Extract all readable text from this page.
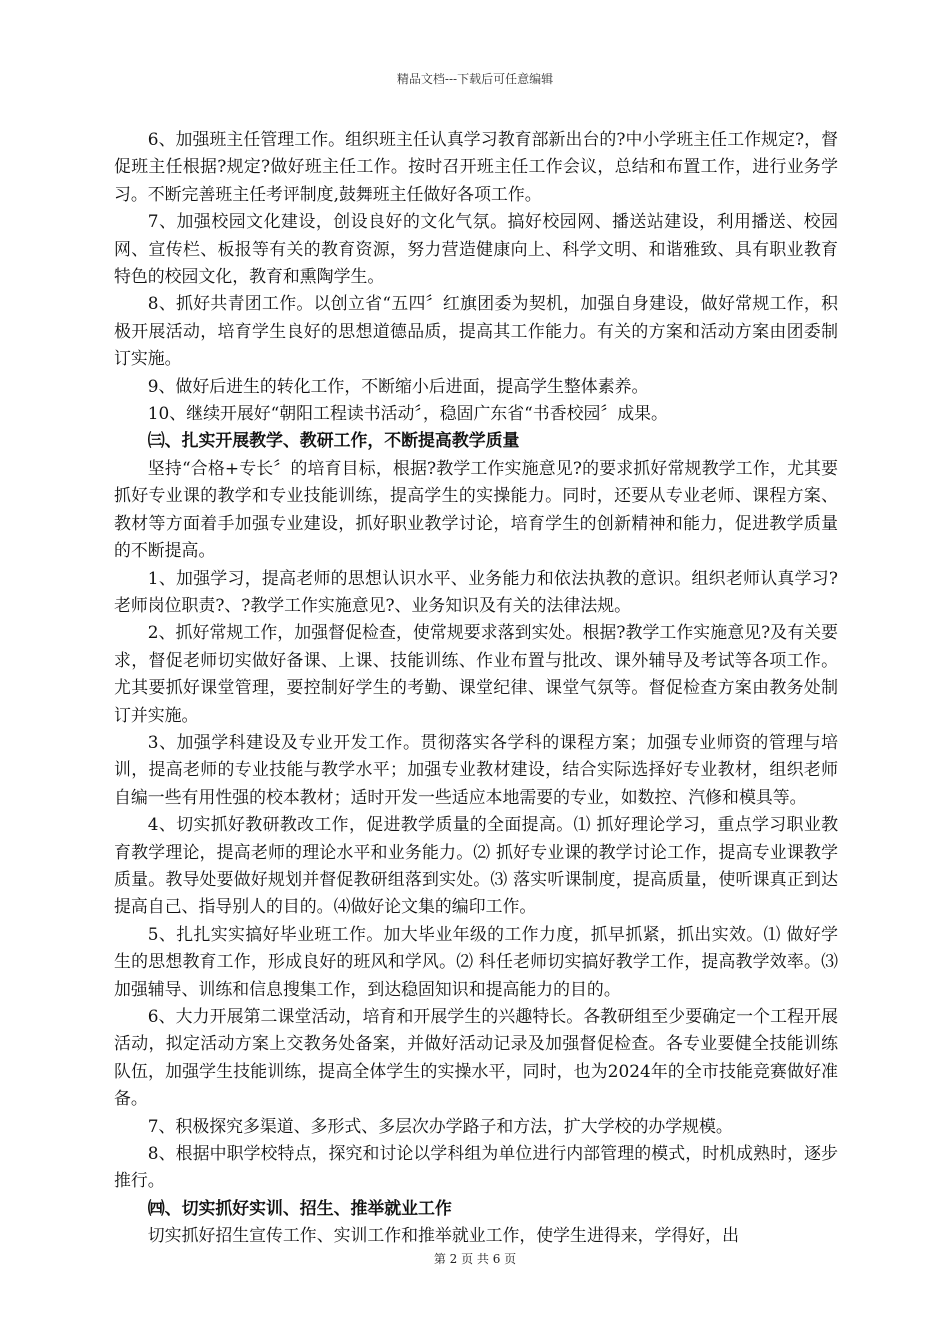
精品文档---下载后可任意编辑

6、加强班主任管理工作。组织班主任认真学习教育部新出台的?中小学班主任工作规定?，督促班主任根据?规定?做好班主任工作。按时召开班主任工作会议，总结和布置工作，进行业务学习。不断完善班主任考评制度,鼓舞班主任做好各项工作。

7、加强校园文化建设，创设良好的文化气氛。搞好校园网、播送站建设，利用播送、校园网、宣传栏、板报等有关的教育资源，努力营造健康向上、科学文明、和谐雅致、具有职业教育特色的校园文化，教育和熏陶学生。

8、抓好共青团工作。以创立省“五四〞红旗团委为契机，加强自身建设，做好常规工作，积极开展活动，培育学生良好的思想道德品质，提高其工作能力。有关的方案和活动方案由团委制订实施。

9、做好后进生的转化工作，不断缩小后进面，提高学生整体素养。

10、继续开展好“朝阳工程读书活动〞，稳固广东省“书香校园〞成果。

㈢、扎实开展教学、教研工作，不断提高教学质量

坚持“合格+专长〞的培育目标，根据?教学工作实施意见?的要求抓好常规教学工作，尤其要抓好专业课的教学和专业技能训练，提高学生的实操能力。同时，还要从专业老师、课程方案、教材等方面着手加强专业建设，抓好职业教学讨论，培育学生的创新精神和能力，促进教学质量的不断提高。

1、加强学习，提高老师的思想认识水平、业务能力和依法执教的意识。组织老师认真学习?老师岗位职责?、?教学工作实施意见?、业务知识及有关的法律法规。

2、抓好常规工作，加强督促检查，使常规要求落到实处。根据?教学工作实施意见?及有关要求，督促老师切实做好备课、上课、技能训练、作业布置与批改、课外辅导及考试等各项工作。尤其要抓好课堂管理，要控制好学生的考勤、课堂纪律、课堂气氛等。督促检查方案由教务处制订并实施。

3、加强学科建设及专业开发工作。贯彻落实各学科的课程方案；加强专业师资的管理与培训，提高老师的专业技能与教学水平；加强专业教材建设，结合实际选择好专业教材，组织老师自编一些有用性强的校本教材；适时开发一些适应本地需要的专业，如数控、汽修和模具等。

4、切实抓好教研教改工作，促进教学质量的全面提高。⑴ 抓好理论学习，重点学习职业教育教学理论，提高老师的理论水平和业务能力。⑵ 抓好专业课的教学讨论工作，提高专业课教学质量。教导处要做好规划并督促教研组落到实处。⑶ 落实听课制度，提高质量，使听课真正到达提高自己、指导别人的目的。⑷做好论文集的编印工作。

5、扎扎实实搞好毕业班工作。加大毕业年级的工作力度，抓早抓紧，抓出实效。⑴ 做好学生的思想教育工作，形成良好的班风和学风。⑵ 科任老师切实搞好教学工作，提高教学效率。⑶加强辅导、训练和信息搜集工作，到达稳固知识和提高能力的目的。

6、大力开展第二课堂活动，培育和开展学生的兴趣特长。各教研组至少要确定一个工程开展活动，拟定活动方案上交教务处备案，并做好活动记录及加强督促检查。各专业要健全技能训练队伍，加强学生技能训练，提高全体学生的实操水平，同时，也为2024年的全市技能竞赛做好准备。

7、积极探究多渠道、多形式、多层次办学路子和方法，扩大学校的办学规模。

8、根据中职学校特点，探究和讨论以学科组为单位进行内部管理的模式，时机成熟时，逐步推行。

㈣、切实抓好实训、招生、推举就业工作

切实抓好招生宣传工作、实训工作和推举就业工作，使学生进得来，学得好，出

第 2 页 共 6 页
